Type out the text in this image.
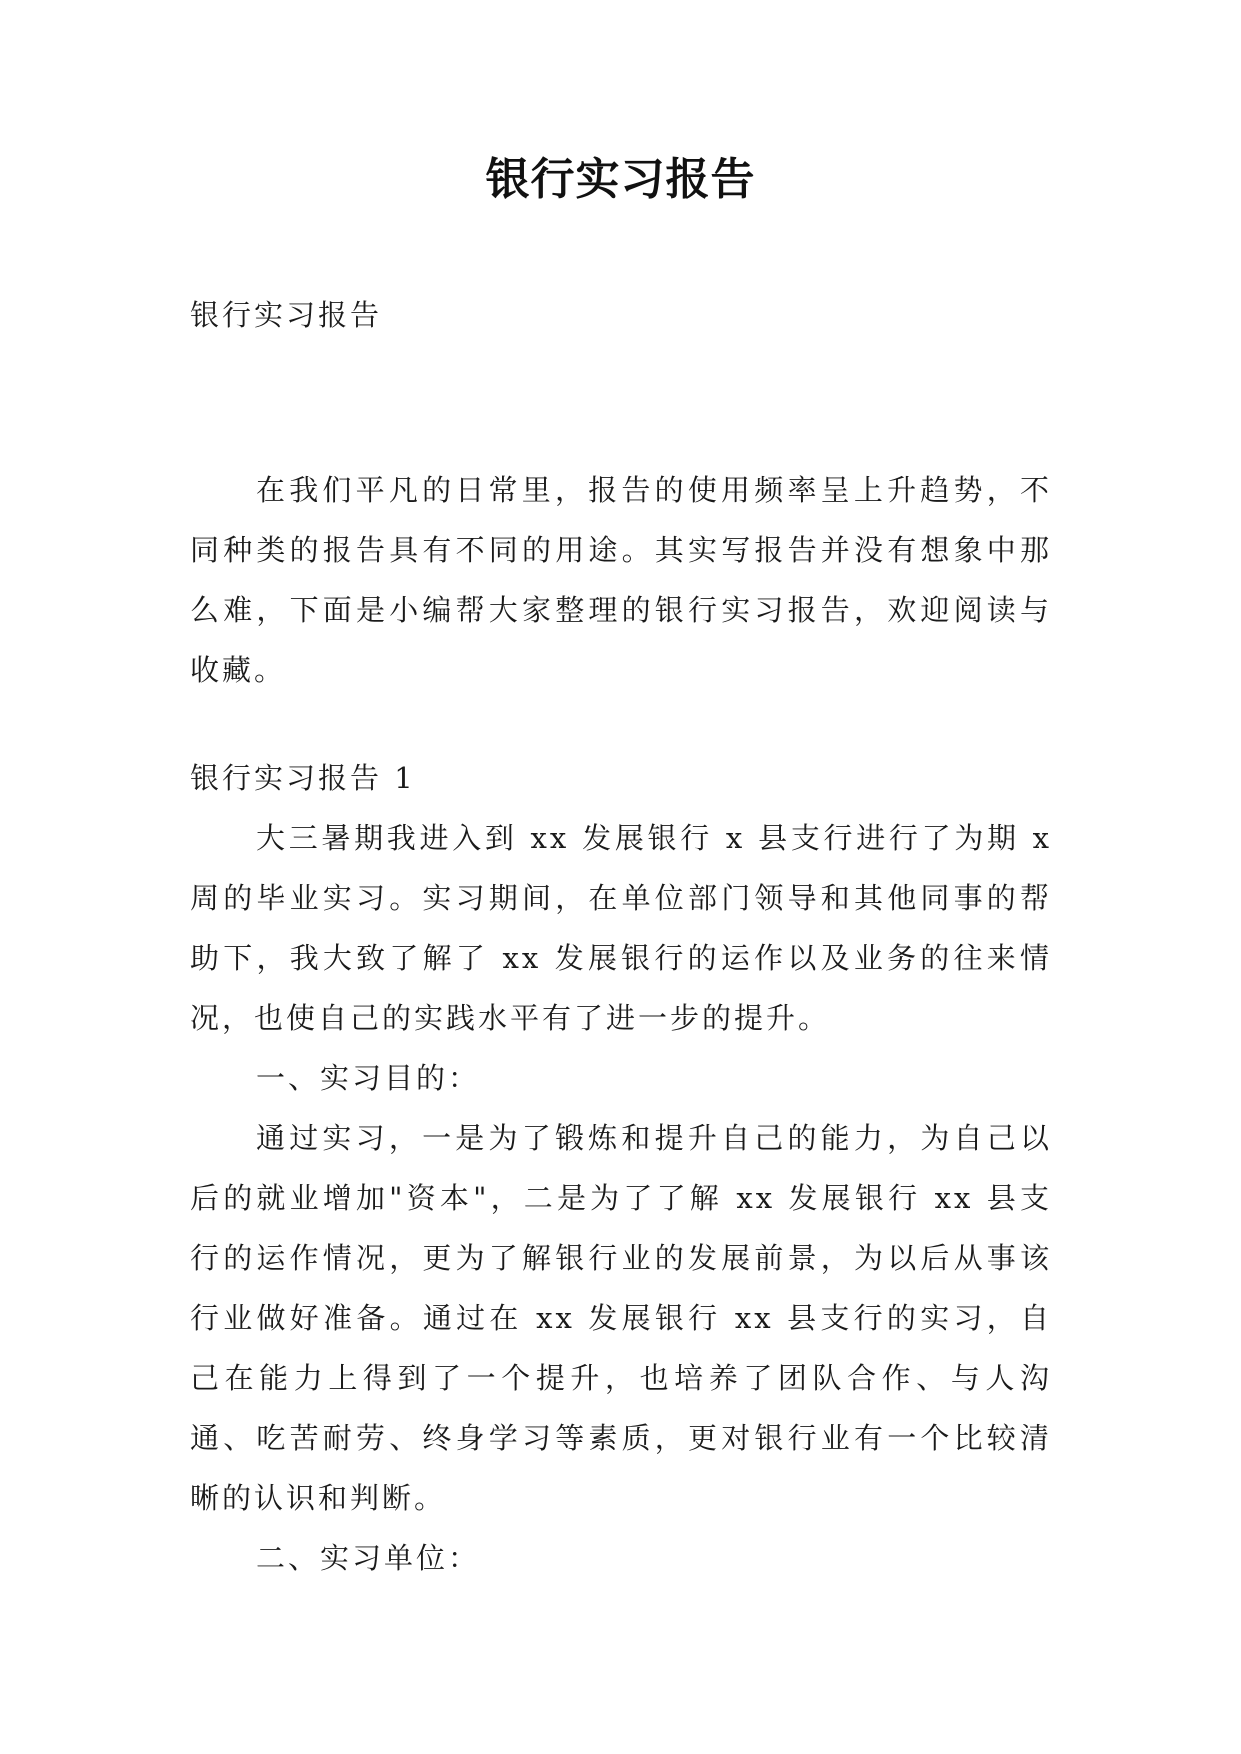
银行实习报告
银行实习报告

在我们平凡的日常里，报告的使用频率呈上升趋势，不同种类的报告具有不同的用途。其实写报告并没有想象中那么难，下面是小编帮大家整理的银行实习报告，欢迎阅读与收藏。

银行实习报告 1

大三暑期我进入到 xx 发展银行 x 县支行进行了为期 x 周的毕业实习。实习期间，在单位部门领导和其他同事的帮助下，我大致了解了 xx 发展银行的运作以及业务的往来情况，也使自己的实践水平有了进一步的提升。

一、实习目的：

通过实习，一是为了锻炼和提升自己的能力，为自己以后的就业增加"资本"，二是为了了解 xx 发展银行 xx 县支行的运作情况，更为了解银行业的发展前景，为以后从事该行业做好准备。通过在 xx 发展银行 xx 县支行的实习，自己在能力上得到了一个提升，也培养了团队合作、与人沟通、吃苦耐劳、终身学习等素质，更对银行业有一个比较清晰的认识和判断。

二、实习单位：
